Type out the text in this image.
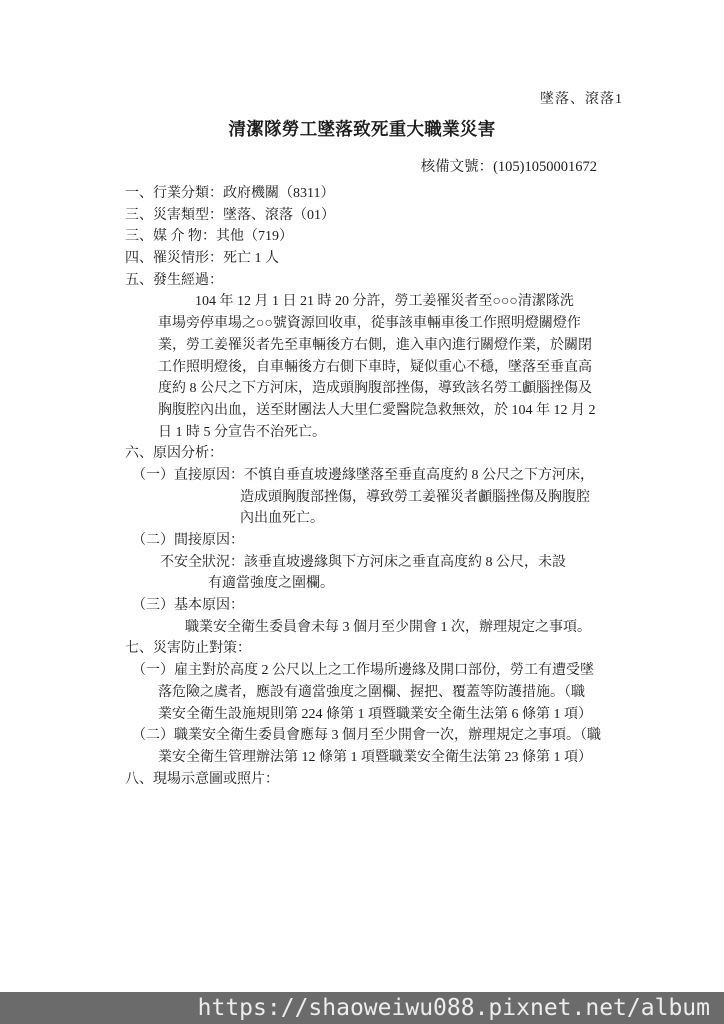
墜落、滾落1
清潔隊勞工墜落致死重大職業災害
核備文號：(105)1050001672
一、行業分類：政府機關（8311）
三、災害類型：墜落、滾落（01）
三、媒 介 物：其他（719）
四、罹災情形：死亡 1 人
五、發生經過：
104 年 12 月 1 日 21 時 20 分許，勞工姜罹災者至○○○清潔隊洗
車場旁停車場之○○號資源回收車，從事該車輛車後工作照明燈關燈作
業，勞工姜罹災者先至車輛後方右側，進入車內進行關燈作業，於關閉
工作照明燈後，自車輛後方右側下車時，疑似重心不穩，墜落至垂直高
度約 8 公尺之下方河床，造成頭胸腹部挫傷，導致該名勞工顱腦挫傷及
胸腹腔內出血，送至財團法人大里仁愛醫院急救無效，於 104 年 12 月 2
日 1 時 5 分宣告不治死亡。
六、原因分析：
（一）直接原因：不慎自垂直坡邊緣墜落至垂直高度約 8 公尺之下方河床，
造成頭胸腹部挫傷，導致勞工姜罹災者顱腦挫傷及胸腹腔
內出血死亡。
（二）間接原因：
不安全狀況：該垂直坡邊緣與下方河床之垂直高度約 8 公尺，未設
有適當強度之圍欄。
（三）基本原因：
職業安全衛生委員會未每 3 個月至少開會 1 次，辦理規定之事項。
七、災害防止對策：
（一）雇主對於高度 2 公尺以上之工作場所邊緣及開口部份，勞工有遭受墜
落危險之虞者，應設有適當強度之圍欄、握把、覆蓋等防護措施。（職
業安全衛生設施規則第 224 條第 1 項暨職業安全衛生法第 6 條第 1 項）
（二）職業安全衛生委員會應每 3 個月至少開會一次，辦理規定之事項。（職
業安全衛生管理辦法第 12 條第 1 項暨職業安全衛生法第 23 條第 1 項）
八、現場示意圖或照片：
https://shaoweiwu088.pixnet.net/album
